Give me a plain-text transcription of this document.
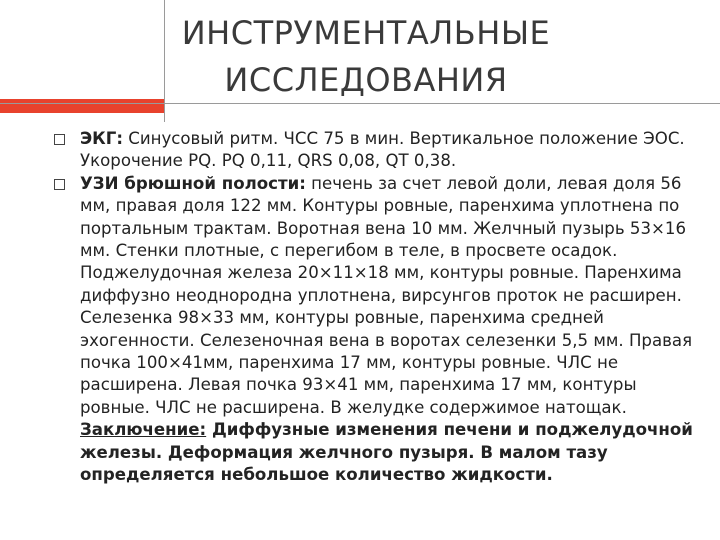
ИНСТРУМЕНТАЛЬНЫЕ
ИССЛЕДОВАНИЯ
ЭКГ: Синусовый ритм. ЧСС 75 в мин. Вертикальное положение ЭОС. Укорочение PQ. PQ 0,11, QRS 0,08, QT 0,38.
УЗИ брюшной полости: печень за счет левой доли, левая доля 56 мм, правая доля 122 мм. Контуры ровные, паренхима уплотнена по портальным трактам. Воротная вена 10 мм. Желчный пузырь 53×16 мм. Стенки плотные, с перегибом в теле, в просвете осадок. Поджелудочная железа 20×11×18 мм, контуры ровные. Паренхима диффузно неоднородна уплотнена, вирсунгов проток не расширен. Селезенка 98×33 мм, контуры ровные, паренхима средней эхогенности. Селезеночная вена в воротах селезенки 5,5 мм. Правая почка 100×41мм, паренхима 17 мм, контуры ровные. ЧЛС не расширена. Левая почка 93×41 мм, паренхима 17 мм, контуры ровные. ЧЛС не расширена. В желудке содержимое натощак. Заключение: Диффузные изменения печени и поджелудочной железы. Деформация желчного пузыря. В малом тазу определяется небольшое количество жидкости.
